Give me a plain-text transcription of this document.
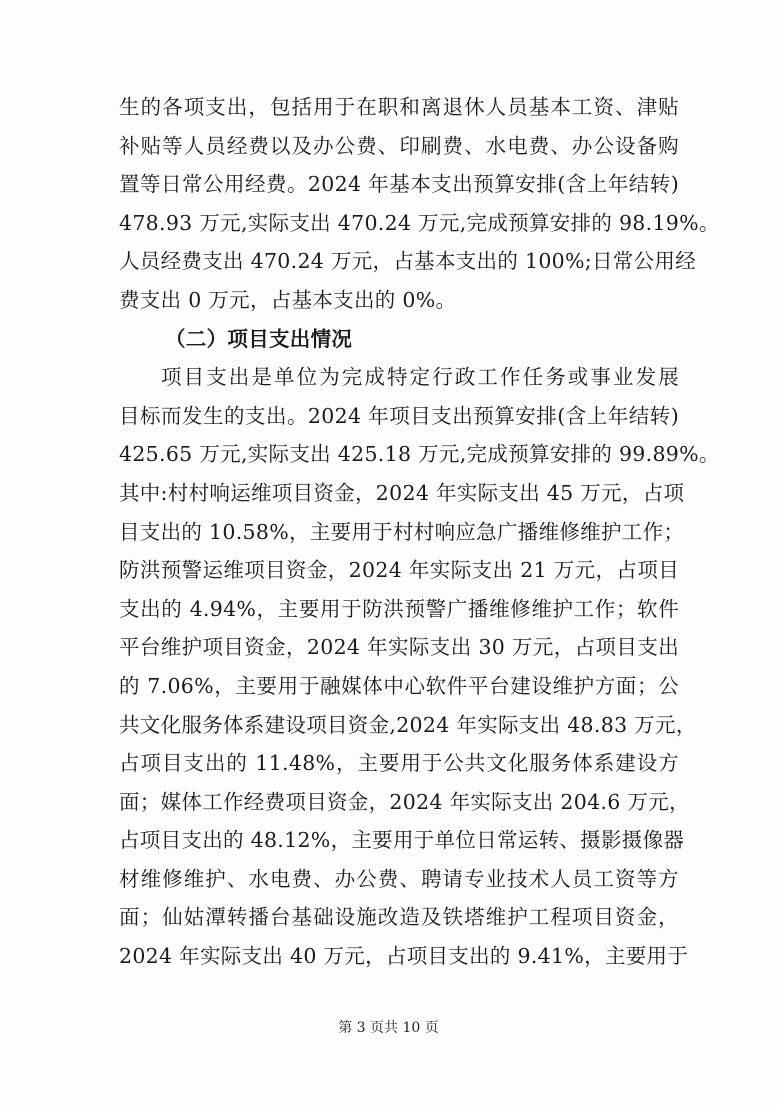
生的各项支出，包括用于在职和离退休人员基本工资、津贴
补贴等人员经费以及办公费、印刷费、水电费、办公设备购
置等日常公用经费。2024 年基本支出预算安排(含上年结转)
478.93 万元,实际支出 470.24 万元,完成预算安排的 98.19%。
人员经费支出 470.24 万元，占基本支出的 100%;日常公用经
费支出 0 万元，占基本支出的 0%。
（二）项目支出情况
项目支出是单位为完成特定行政工作任务或事业发展
目标而发生的支出。2024 年项目支出预算安排(含上年结转)
425.65 万元,实际支出 425.18 万元,完成预算安排的 99.89%。
其中:村村响运维项目资金，2024 年实际支出 45 万元，占项
目支出的 10.58%，主要用于村村响应急广播维修维护工作；
防洪预警运维项目资金，2024 年实际支出 21 万元，占项目
支出的 4.94%，主要用于防洪预警广播维修维护工作；软件
平台维护项目资金，2024 年实际支出 30 万元，占项目支出
的 7.06%，主要用于融媒体中心软件平台建设维护方面；公
共文化服务体系建设项目资金,2024 年实际支出 48.83 万元，
占项目支出的 11.48%，主要用于公共文化服务体系建设方
面；媒体工作经费项目资金，2024 年实际支出 204.6 万元，
占项目支出的 48.12%，主要用于单位日常运转、摄影摄像器
材维修维护、水电费、办公费、聘请专业技术人员工资等方
面；仙姑潭转播台基础设施改造及铁塔维护工程项目资金，
2024 年实际支出 40 万元，占项目支出的 9.41%，主要用于
第 3 页共 10 页
